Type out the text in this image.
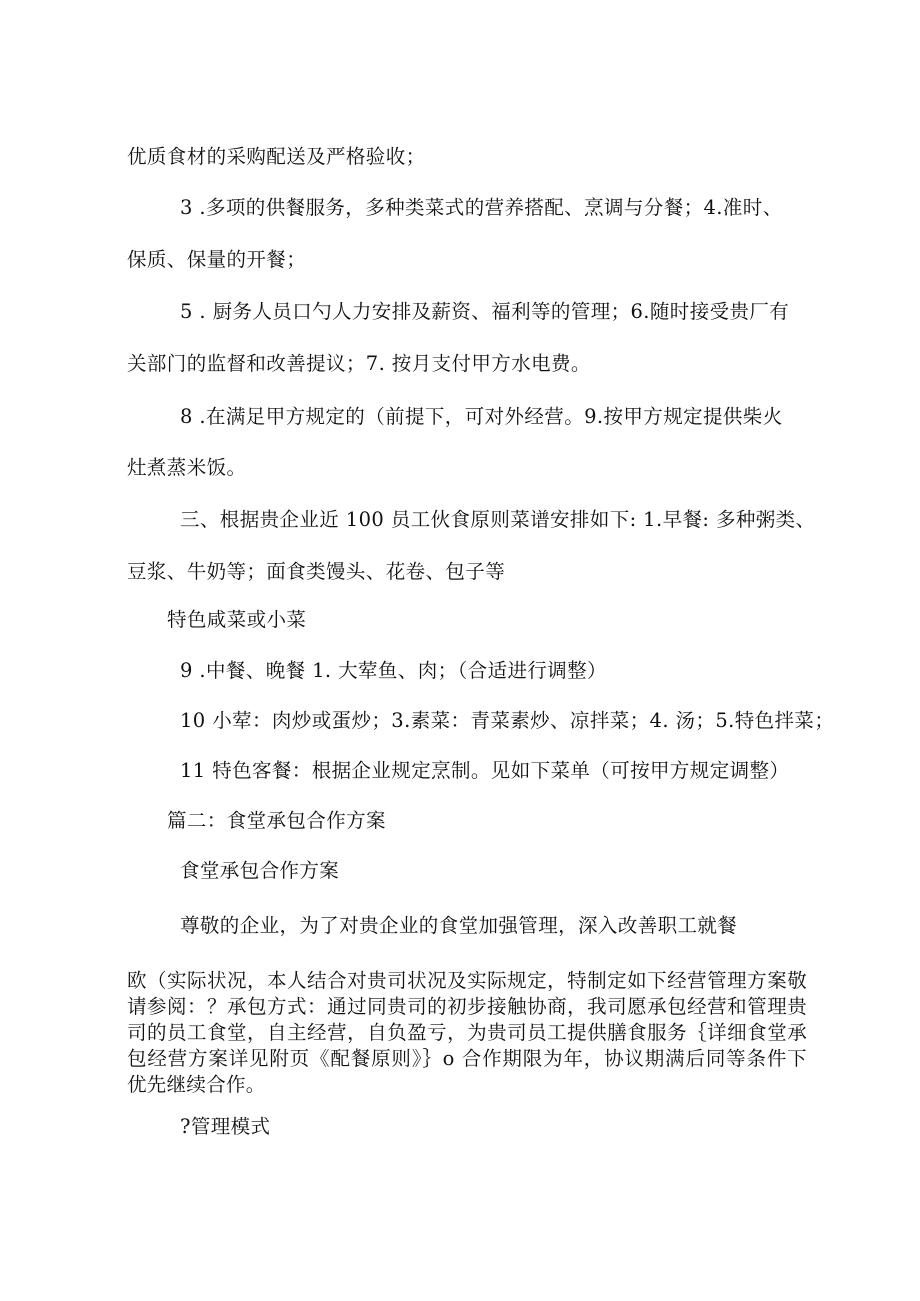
优质食材的采购配送及严格验收；
3 .多项的供餐服务，多种类菜式的营养搭配、烹调与分餐；4.准时、
保质、保量的开餐；
5 . 厨务人员口勺人力安排及薪资、福利等的管理；6.随时接受贵厂有
关部门的监督和改善提议；7. 按月支付甲方水电费。
8 .在满足甲方规定的（前提下，可对外经营。9.按甲方规定提供柴火
灶煮蒸米饭。
三、根据贵企业近 100 员工伙食原则菜谱安排如下: 1.早餐: 多种粥类、
豆浆、牛奶等；面食类馒头、花卷、包子等
特色咸菜或小菜
9 .中餐、晚餐 1. 大荤鱼、肉；（合适进行调整）
10 小荤：肉炒或蛋炒；3.素菜：青菜素炒、凉拌菜；4. 汤；5.特色拌菜；
11 特色客餐：根据企业规定烹制。见如下菜单（可按甲方规定调整）
篇二：食堂承包合作方案
食堂承包合作方案
尊敬的企业，为了对贵企业的食堂加强管理，深入改善职工就餐
欧（实际状况，本人结合对贵司状况及实际规定，特制定如下经营管理方案敬请参阅：？承包方式：通过同贵司的初步接触协商，我司愿承包经营和管理贵司的员工食堂，自主经营，自负盈亏，为贵司员工提供膳食服务｛详细食堂承包经营方案详见附页《配餐原则》｝o 合作期限为年，协议期满后同等条件下优先继续合作。
?管理模式
